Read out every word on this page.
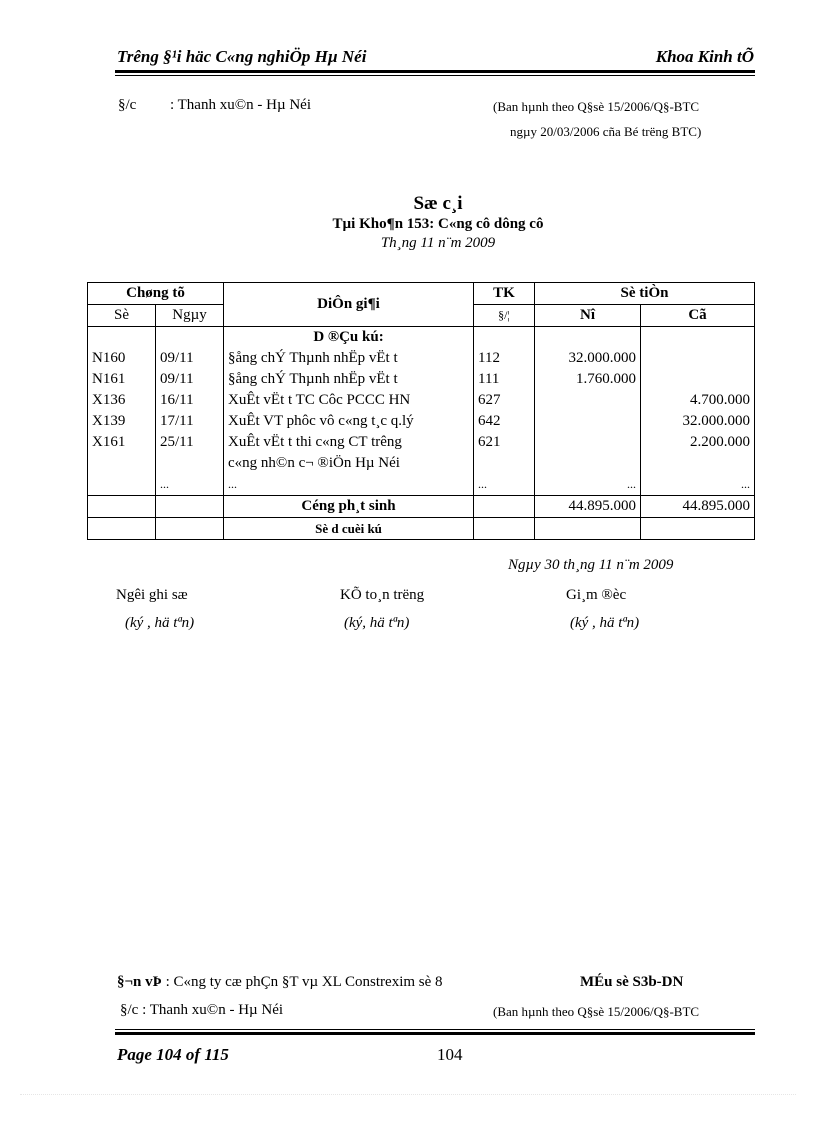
Trêng §¹i häc C«ng nghiÖp Hµ Néi	Khoa Kinh tÕ
§/c : Thanh xu©n - Hµ Néi	(Ban hµnh theo Q§sè 15/2006/Q§-BTC
ngµy 20/03/2006 cña Bé trëng BTC)
Sæ c¸i
Tµi Kho¶n 153: C«ng cô dông cô
Th¸ng 11 n¨m 2009
Chøng tõ		DiÔn gi¶i	TK	Sè tiÒn	
Sè	Ngµy		§/¦	Nî	Cã
		D ®Çu kú:			
N160	09/11	§ång chÝ Thµnh nhËp vËt t	112	32.000.000	
N161	09/11	§ång chÝ Thµnh nhËp vËt t	111	1.760.000	
X136	16/11	XuÊt vËt t TC Côc PCCC HN	627		4.700.000
X139	17/11	XuÊt VT phôc vô c«ng t¸c q.lý	642		32.000.000
X161	25/11	XuÊt vËt t thi c«ng CT trêng	621		2.200.000
		c«ng nh©n c¬ ®iÖn Hµ Néi			
	...	...	...	...	...
		Céng ph¸t sinh		44.895.000	44.895.000
		Sè d cuèi kú			
Ngµy 30 th¸ng 11 n¨m 2009
Ngêi ghi sæ
(ký , hä tªn)
KÕ to¸n trëng
(ký, hä tªn)
Gi¸m ®èc
(ký , hä tªn)
§¬n vÞ : C«ng ty cæ phÇn §T vµ XL Constrexim sè 8	MÉu sè S3b-DN
§/c : Thanh xu©n - Hµ Néi	(Ban hµnh theo Q§sè 15/2006/Q§-BTC
Page 104 of 115	104
